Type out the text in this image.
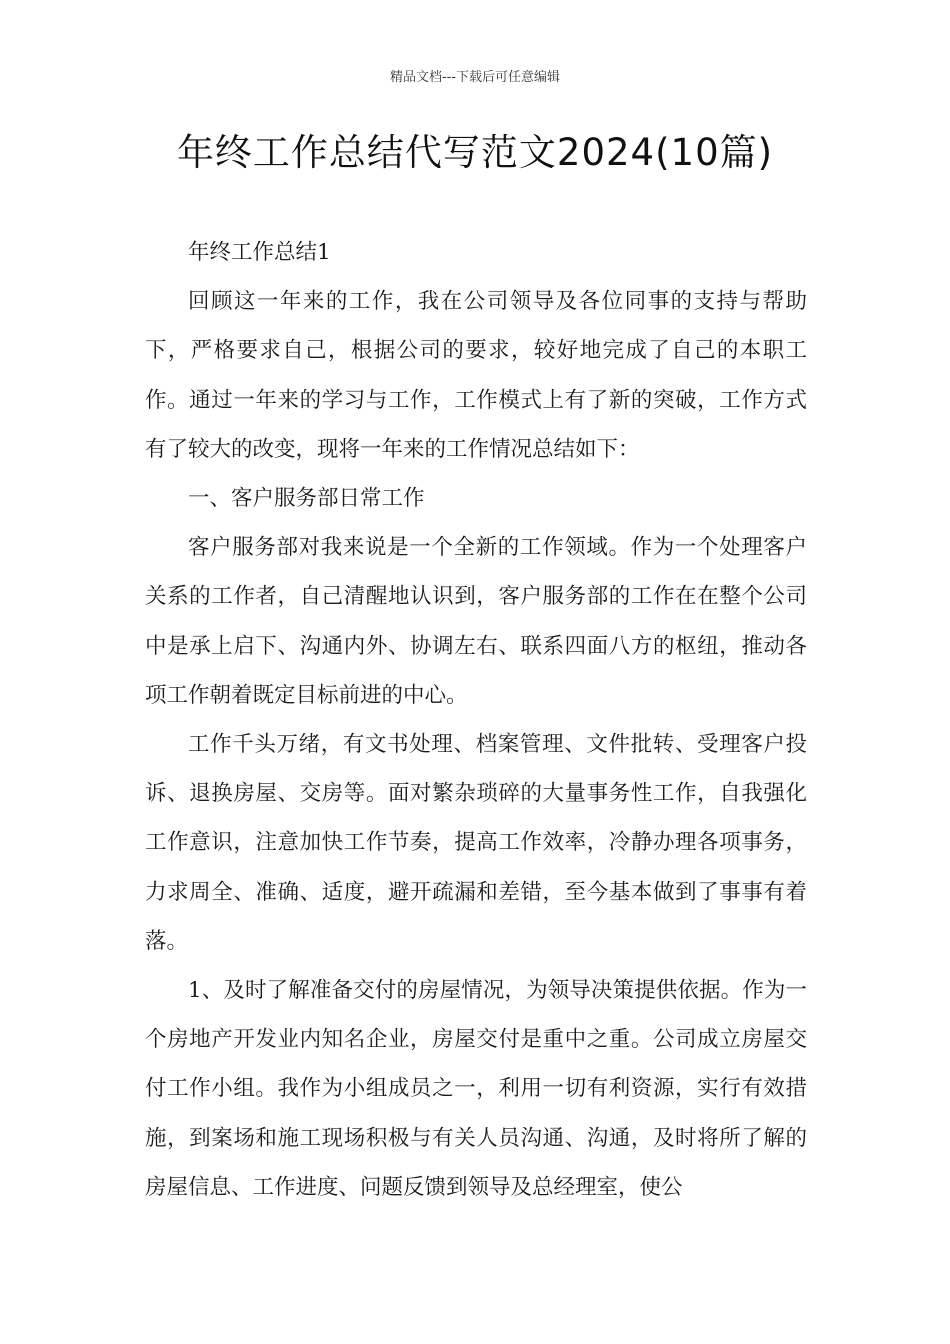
精品文档---下载后可任意编辑
年终工作总结代写范文2024(10篇)

年终工作总结1

回顾这一年来的工作，我在公司领导及各位同事的支持与帮助下，严格要求自己，根据公司的要求，较好地完成了自己的本职工作。通过一年来的学习与工作，工作模式上有了新的突破，工作方式有了较大的改变，现将一年来的工作情况总结如下：

一、客户服务部日常工作

客户服务部对我来说是一个全新的工作领域。作为一个处理客户关系的工作者，自己清醒地认识到，客户服务部的工作在在整个公司中是承上启下、沟通内外、协调左右、联系四面八方的枢纽，推动各项工作朝着既定目标前进的中心。

工作千头万绪，有文书处理、档案管理、文件批转、受理客户投诉、退换房屋、交房等。面对繁杂琐碎的大量事务性工作，自我强化工作意识，注意加快工作节奏，提高工作效率，冷静办理各项事务，力求周全、准确、适度，避开疏漏和差错，至今基本做到了事事有着落。

1、及时了解准备交付的房屋情况，为领导决策提供依据。作为一个房地产开发业内知名企业，房屋交付是重中之重。公司成立房屋交付工作小组。我作为小组成员之一，利用一切有利资源，实行有效措施，到案场和施工现场积极与有关人员沟通、沟通，及时将所了解的房屋信息、工作进度、问题反馈到领导及总经理室，使公
